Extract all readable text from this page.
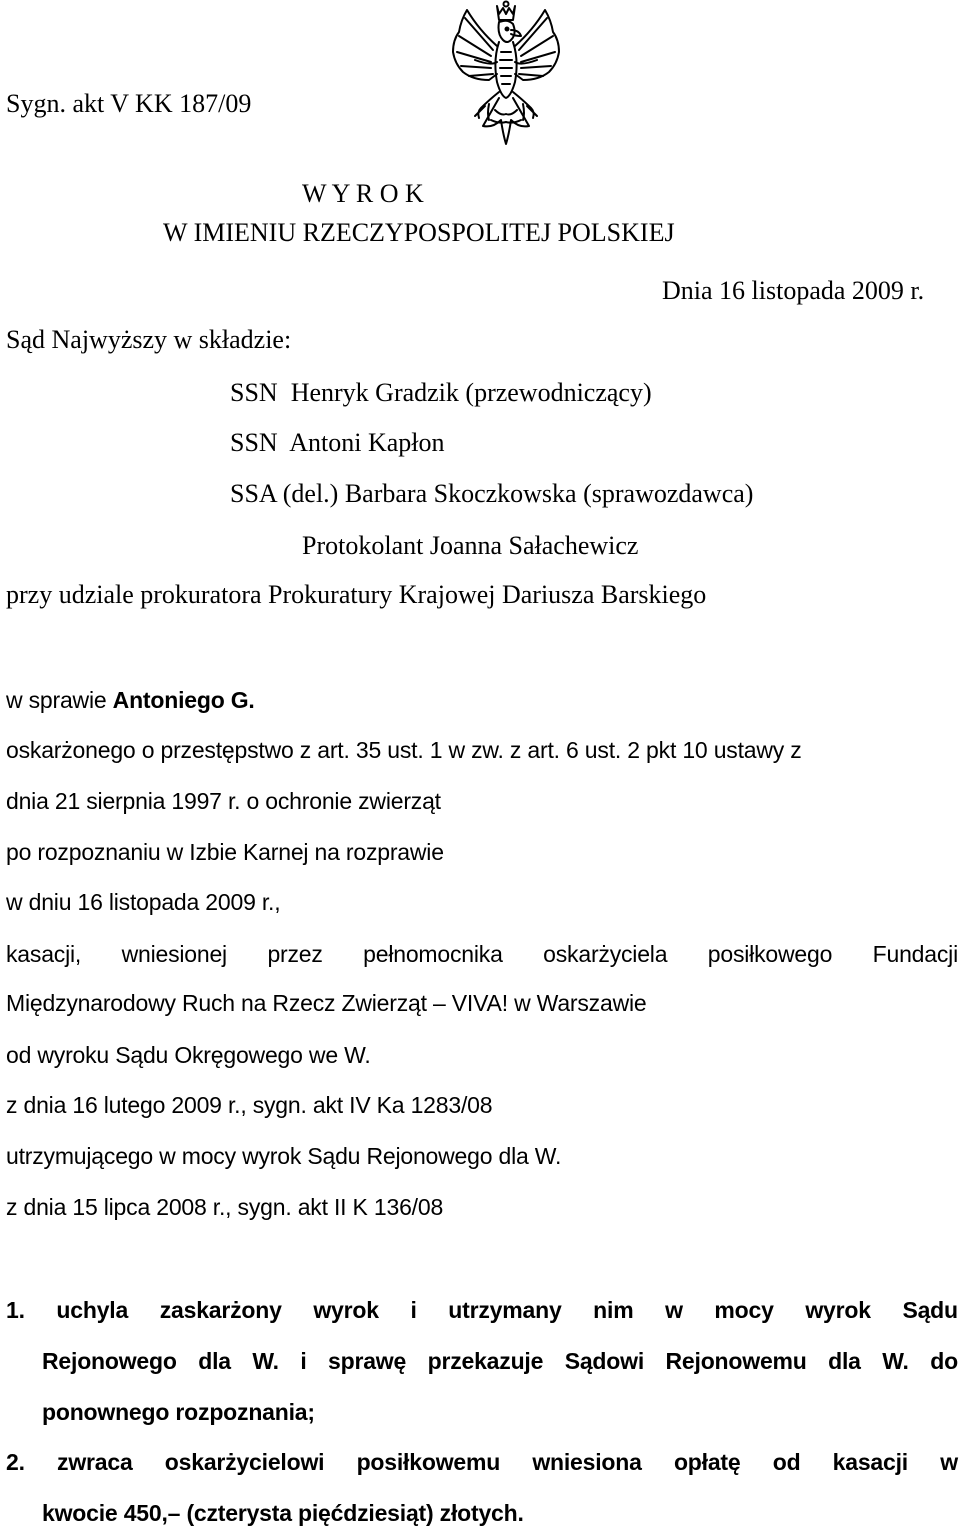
Sygn. akt V KK 187/09
W Y R O K
W IMIENIU RZECZYPOSPOLITEJ POLSKIEJ
Dnia 16 listopada 2009 r.
Sąd Najwyższy w składzie:
SSN  Henryk Gradzik (przewodniczący)
SSN  Antoni Kapłon
SSA (del.) Barbara Skoczkowska (sprawozdawca)
Protokolant Joanna Sałachewicz
przy udziale prokuratora Prokuratury Krajowej Dariusza Barskiego
w sprawie Antoniego G.
oskarżonego o przestępstwo z art. 35 ust. 1 w zw. z art. 6 ust. 2 pkt 10 ustawy z
dnia 21 sierpnia 1997 r. o ochronie zwierząt
po rozpoznaniu w Izbie Karnej na rozprawie
w dniu 16 listopada 2009 r.,
kasacji, wniesionej przez pełnomocnika oskarżyciela posiłkowego Fundacji
Międzynarodowy Ruch na Rzecz Zwierząt – VIVA! w Warszawie
od wyroku Sądu Okręgowego we W.
z dnia 16 lutego 2009 r., sygn. akt IV Ka 1283/08
utrzymującego w mocy wyrok Sądu Rejonowego dla W.
z dnia 15 lipca 2008 r., sygn. akt II K 136/08
1. uchyla zaskarżony wyrok i utrzymany nim w mocy wyrok Sądu
Rejonowego dla W. i sprawę przekazuje Sądowi Rejonowemu dla W. do
ponownego rozpoznania;
2. zwraca oskarżycielowi posiłkowemu wniesiona opłatę od kasacji w
kwocie 450,– (czterysta pięćdziesiąt) złotych.
